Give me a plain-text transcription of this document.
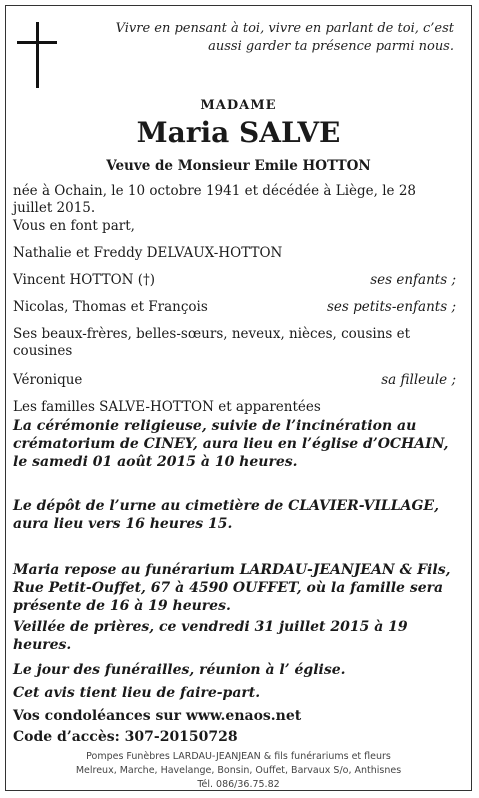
Vivre en pensant à toi, vivre en parlant de toi, c’est aussi garder ta présence parmi nous.
MADAME
Maria SALVE
Veuve de Monsieur Emile HOTTON
née à Ochain, le 10 octobre 1941 et décédée à Liège, le 28 juillet 2015.
Vous en font part,
Nathalie et Freddy DELVAUX-HOTTON
Vincent HOTTON (†)	ses enfants ;
Nicolas, Thomas et François	ses petits-enfants ;
Ses beaux-frères, belles-sœurs, neveux, nièces, cousins et cousines
Véronique	sa filleule ;
Les familles SALVE-HOTTON et apparentées
La cérémonie religieuse, suivie de l’incinération au crématorium de CINEY, aura lieu en l’église d’OCHAIN, le samedi 01 août 2015 à 10 heures.
Le dépôt de l’urne au cimetière de CLAVIER-VILLAGE, aura lieu vers 16 heures 15.
Maria repose au funérarium LARDAU-JEANJEAN & Fils, Rue Petit-Ouffet, 67 à 4590 OUFFET, où la famille sera présente de 16 à 19 heures.
Veillée de prières, ce vendredi 31 juillet 2015 à 19 heures.
Le jour des funérailles, réunion à l’ église.
Cet avis tient lieu de faire-part.
Vos condoléances sur www.enaos.net
Code d’accès: 307-20150728
Pompes Funèbres LARDAU-JEANJEAN & fils funérariums et fleurs
Melreux, Marche, Havelange, Bonsin, Ouffet, Barvaux S/o, Anthisnes
Tél. 086/36.75.82
